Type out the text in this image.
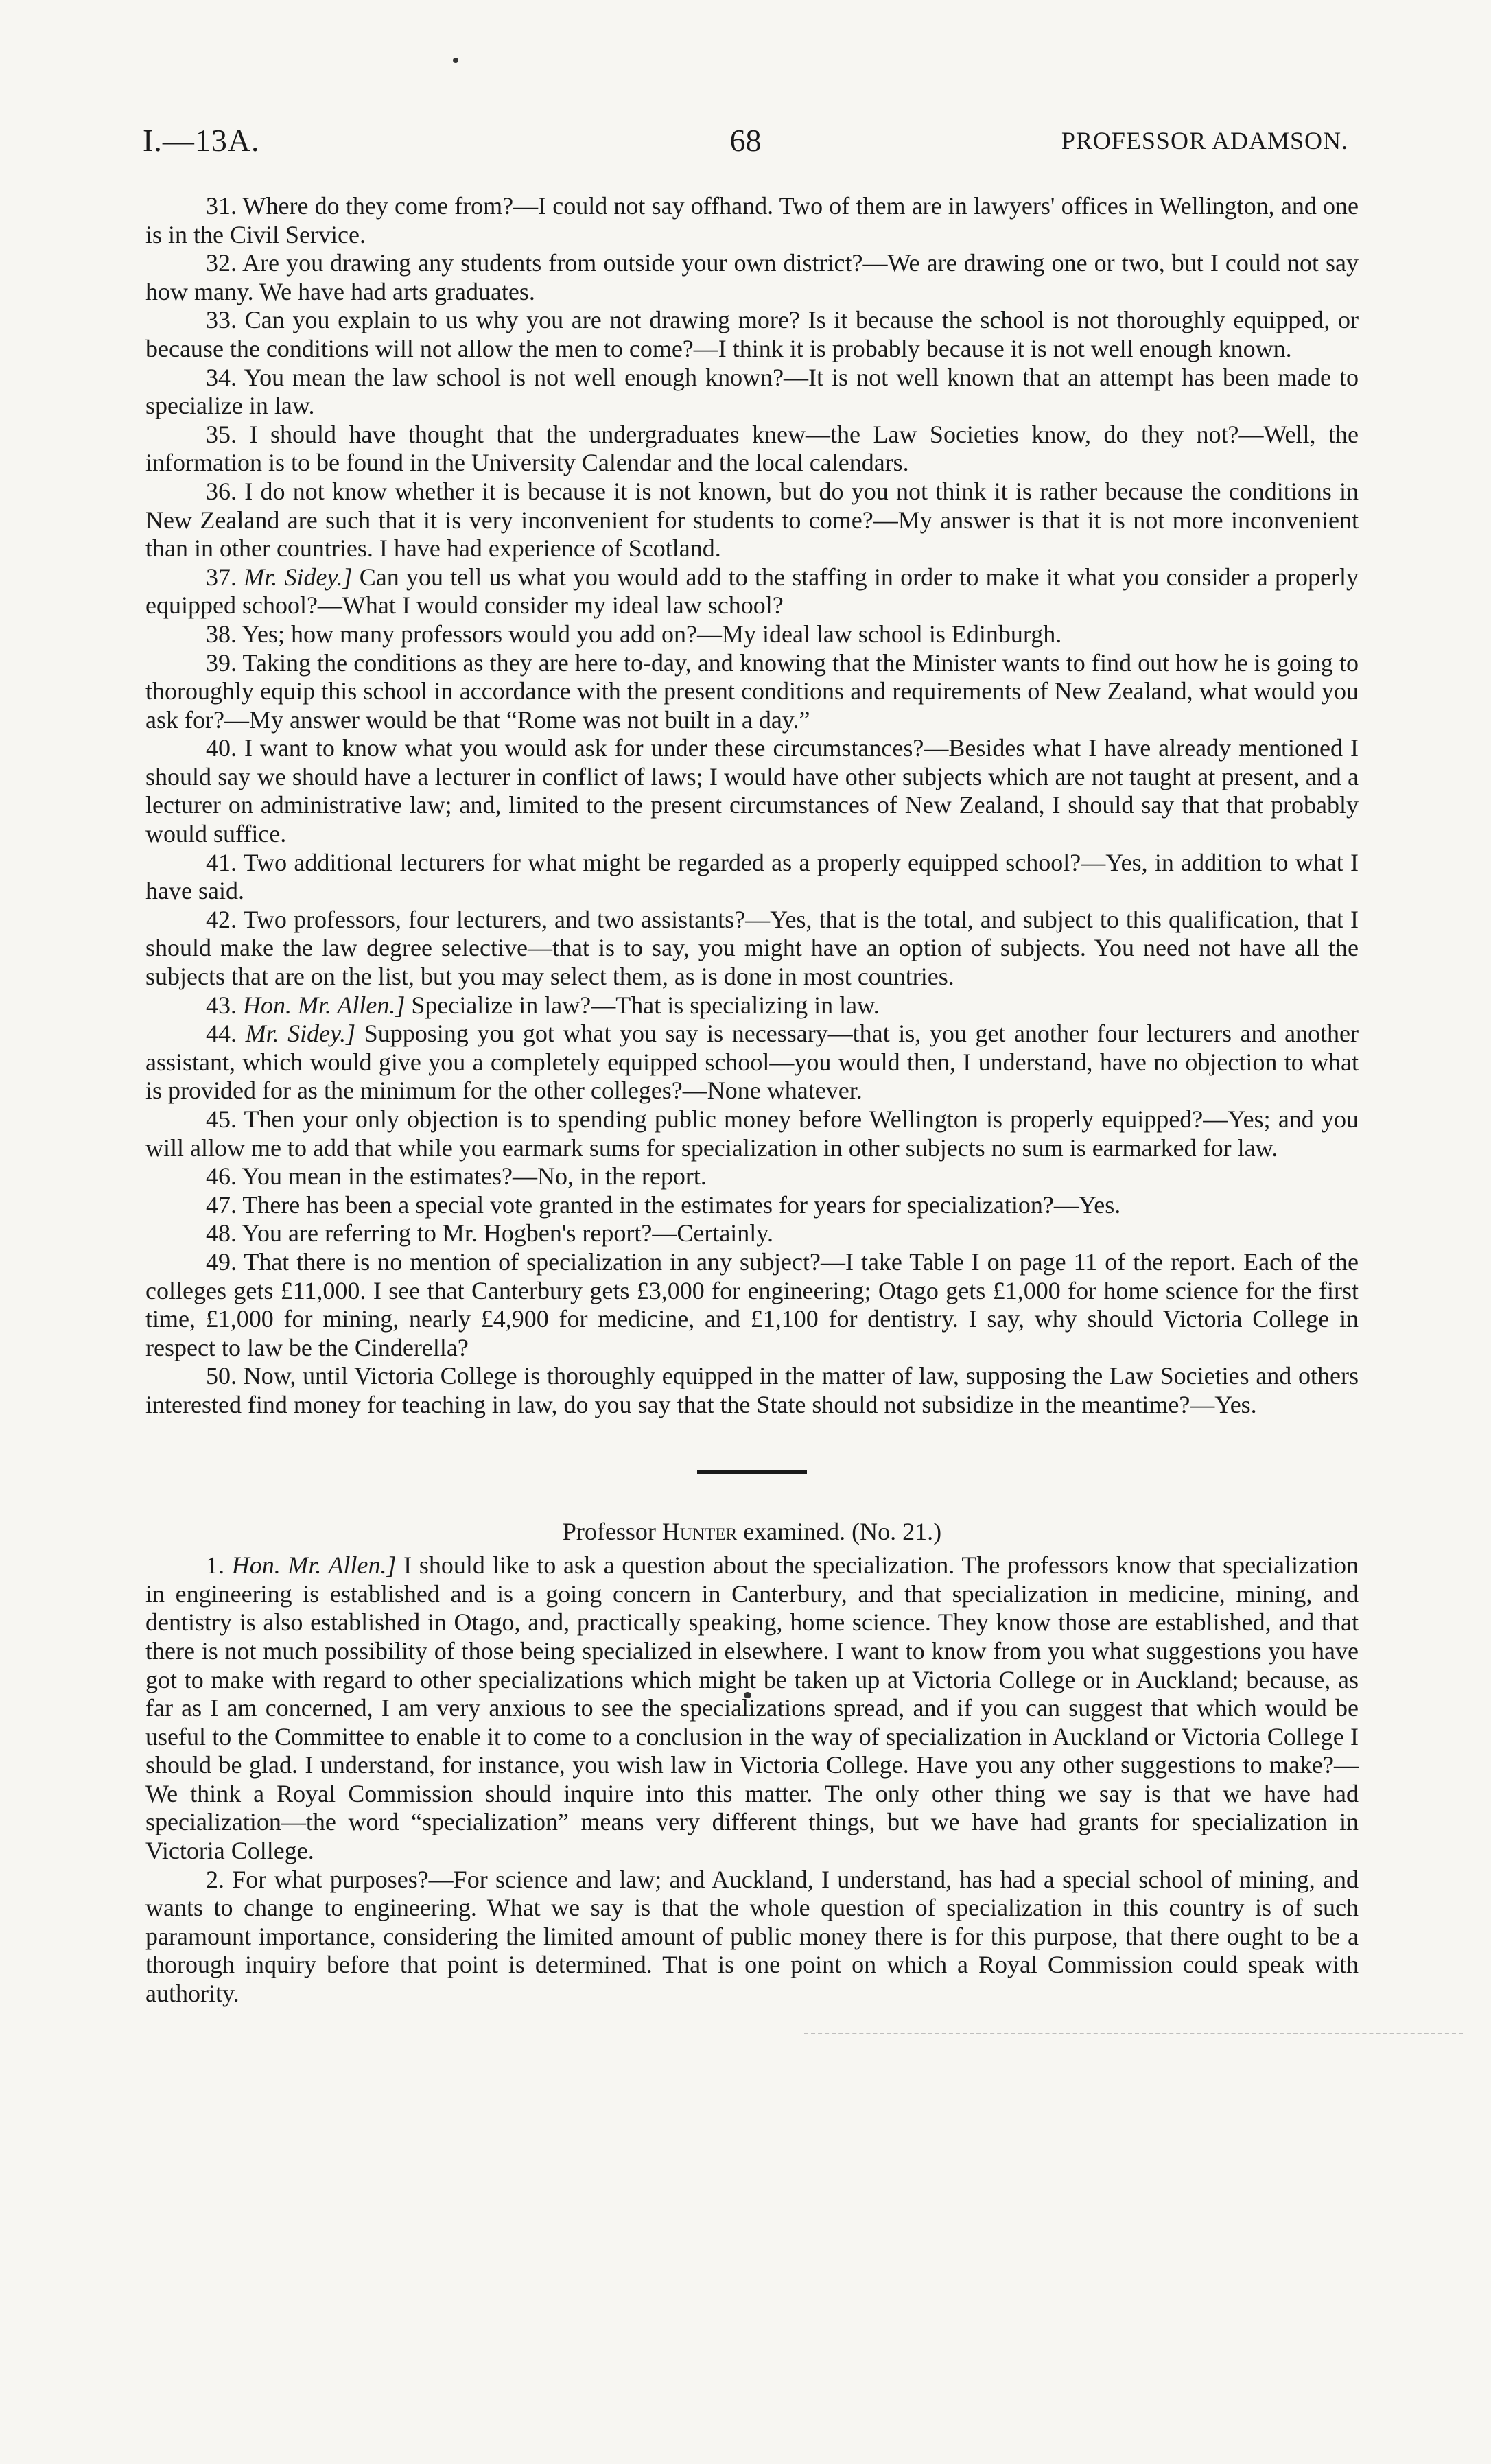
I.—13A.	68	PROFESSOR ADAMSON.

31. Where do they come from?—I could not say offhand. Two of them are in lawyers' offices in Wellington, and one is in the Civil Service.

32. Are you drawing any students from outside your own district?—We are drawing one or two, but I could not say how many. We have had arts graduates.

33. Can you explain to us why you are not drawing more? Is it because the school is not thoroughly equipped, or because the conditions will not allow the men to come?—I think it is probably because it is not well enough known.

34. You mean the law school is not well enough known?—It is not well known that an attempt has been made to specialize in law.

35. I should have thought that the undergraduates knew—the Law Societies know, do they not?—Well, the information is to be found in the University Calendar and the local calendars.

36. I do not know whether it is because it is not known, but do you not think it is rather because the conditions in New Zealand are such that it is very inconvenient for students to come?—My answer is that it is not more inconvenient than in other countries. I have had experience of Scotland.

37. Mr. Sidey.] Can you tell us what you would add to the staffing in order to make it what you consider a properly equipped school?—What I would consider my ideal law school?

38. Yes; how many professors would you add on?—My ideal law school is Edinburgh.

39. Taking the conditions as they are here to-day, and knowing that the Minister wants to find out how he is going to thoroughly equip this school in accordance with the present conditions and requirements of New Zealand, what would you ask for?—My answer would be that “Rome was not built in a day.”

40. I want to know what you would ask for under these circumstances?—Besides what I have already mentioned I should say we should have a lecturer in conflict of laws; I would have other subjects which are not taught at present, and a lecturer on administrative law; and, limited to the present circumstances of New Zealand, I should say that that probably would suffice.

41. Two additional lecturers for what might be regarded as a properly equipped school?—Yes, in addition to what I have said.

42. Two professors, four lecturers, and two assistants?—Yes, that is the total, and subject to this qualification, that I should make the law degree selective—that is to say, you might have an option of subjects. You need not have all the subjects that are on the list, but you may select them, as is done in most countries.

43. Hon. Mr. Allen.] Specialize in law?—That is specializing in law.

44. Mr. Sidey.] Supposing you got what you say is necessary—that is, you get another four lecturers and another assistant, which would give you a completely equipped school—you would then, I understand, have no objection to what is provided for as the minimum for the other colleges?—None whatever.

45. Then your only objection is to spending public money before Wellington is properly equipped?—Yes; and you will allow me to add that while you earmark sums for specialization in other subjects no sum is earmarked for law.

46. You mean in the estimates?—No, in the report.

47. There has been a special vote granted in the estimates for years for specialization?—Yes.

48. You are referring to Mr. Hogben's report?—Certainly.

49. That there is no mention of specialization in any subject?—I take Table I on page 11 of the report. Each of the colleges gets £11,000. I see that Canterbury gets £3,000 for engineering; Otago gets £1,000 for home science for the first time, £1,000 for mining, nearly £4,900 for medicine, and £1,100 for dentistry. I say, why should Victoria College in respect to law be the Cinderella?

50. Now, until Victoria College is thoroughly equipped in the matter of law, supposing the Law Societies and others interested find money for teaching in law, do you say that the State should not subsidize in the meantime?—Yes.

Professor Hunter examined. (No. 21.)

1. Hon. Mr. Allen.] I should like to ask a question about the specialization. The professors know that specialization in engineering is established and is a going concern in Canterbury, and that specialization in medicine, mining, and dentistry is also established in Otago, and, practically speaking, home science. They know those are established, and that there is not much possibility of those being specialized in elsewhere. I want to know from you what suggestions you have got to make with regard to other specializations which might be taken up at Victoria College or in Auckland; because, as far as I am concerned, I am very anxious to see the specializations spread, and if you can suggest that which would be useful to the Committee to enable it to come to a conclusion in the way of specialization in Auckland or Victoria College I should be glad. I understand, for instance, you wish law in Victoria College. Have you any other suggestions to make?—We think a Royal Commission should inquire into this matter. The only other thing we say is that we have had specialization—the word “specialization” means very different things, but we have had grants for specialization in Victoria College.

2. For what purposes?—For science and law; and Auckland, I understand, has had a special school of mining, and wants to change to engineering. What we say is that the whole question of specialization in this country is of such paramount importance, considering the limited amount of public money there is for this purpose, that there ought to be a thorough inquiry before that point is determined. That is one point on which a Royal Commission could speak with authority.
